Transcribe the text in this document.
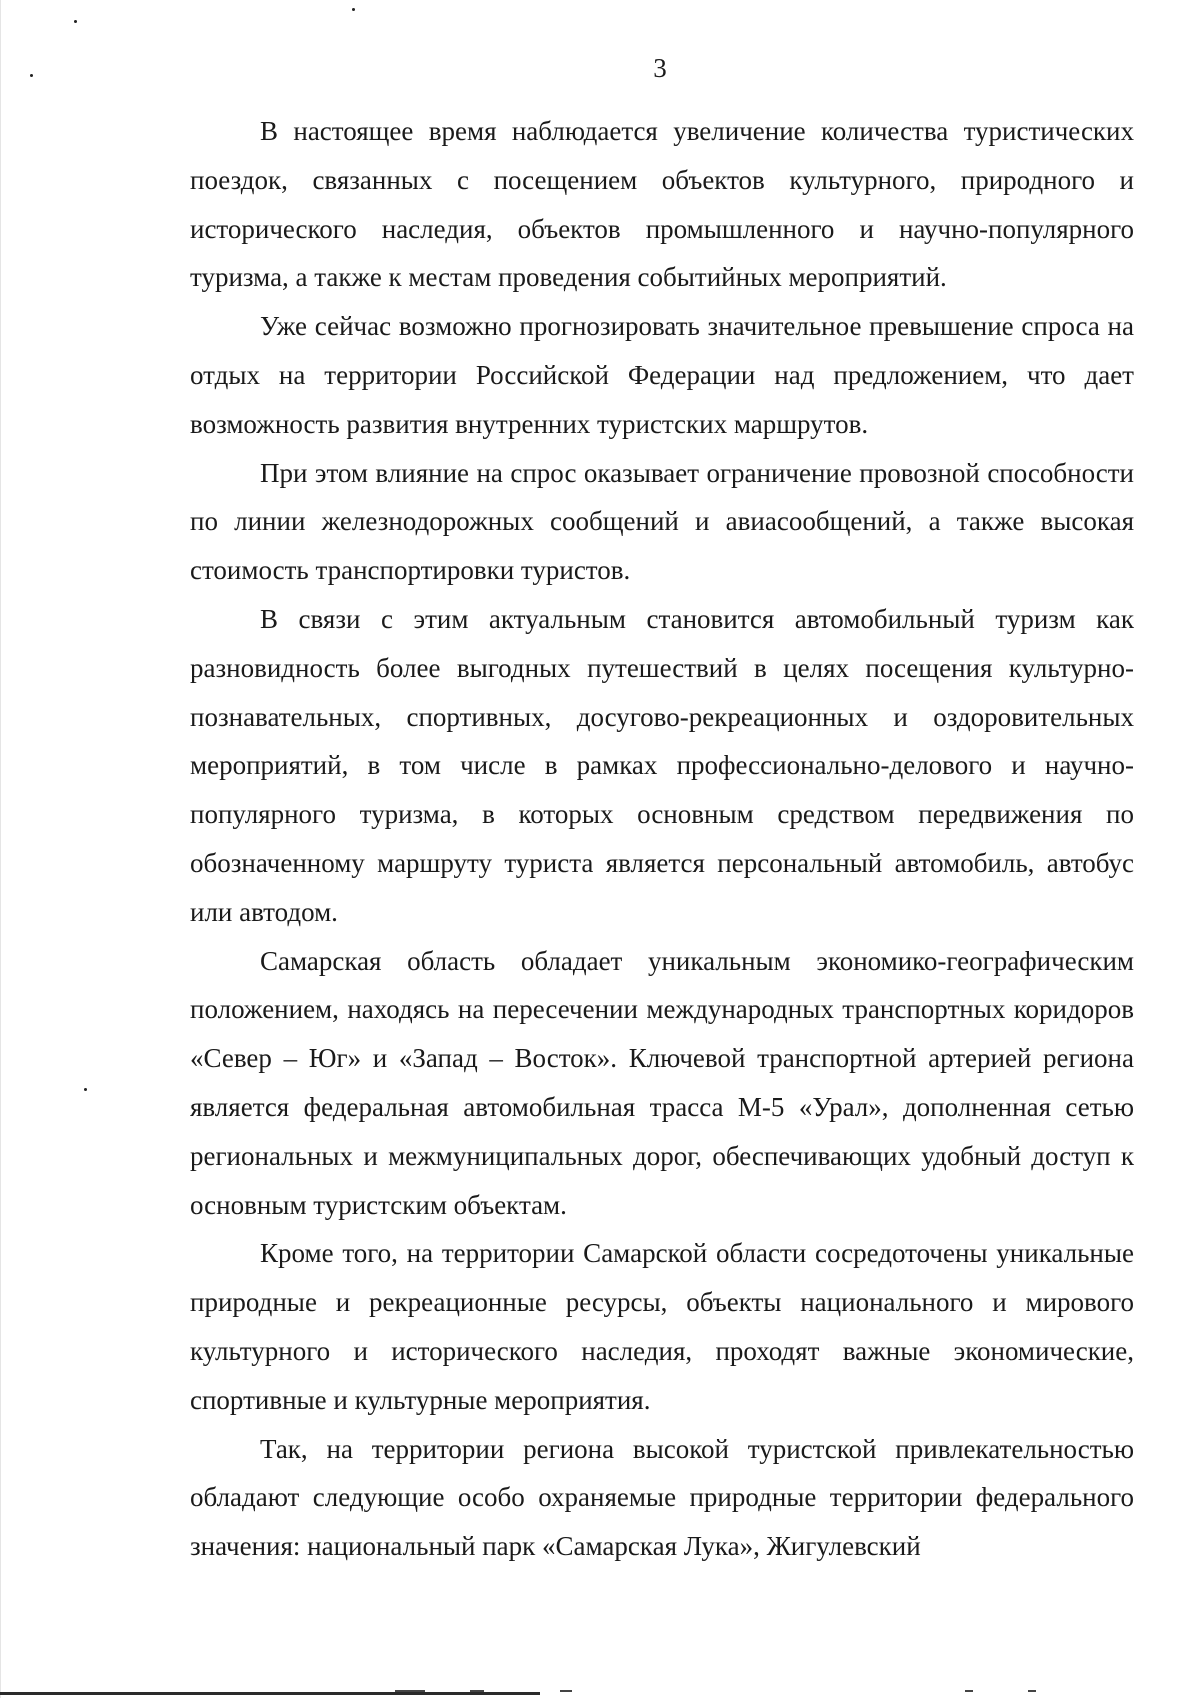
3

В настоящее время наблюдается увеличение количества туристических поездок, связанных с посещением объектов культурного, природного и исторического наследия, объектов промышленного и научно-популярного туризма, а также к местам проведения событийных мероприятий.

Уже сейчас возможно прогнозировать значительное превышение спроса на отдых на территории Российской Федерации над предложением, что дает возможность развития внутренних туристских маршрутов.

При этом влияние на спрос оказывает ограничение провозной способности по линии железнодорожных сообщений и авиасообщений, а также высокая стоимость транспортировки туристов.

В связи с этим актуальным становится автомобильный туризм как разновидность более выгодных путешествий в целях посещения культурно-познавательных, спортивных, досугово-рекреационных и оздоровительных мероприятий, в том числе в рамках профессионально-делового и научно-популярного туризма, в которых основным средством передвижения по обозначенному маршруту туриста является персональный автомобиль, автобус или автодом.

Самарская область обладает уникальным экономико-географическим положением, находясь на пересечении международных транспортных коридоров «Север – Юг» и «Запад – Восток». Ключевой транспортной артерией региона является федеральная автомобильная трасса М-5 «Урал», дополненная сетью региональных и межмуниципальных дорог, обеспечивающих удобный доступ к основным туристским объектам.

Кроме того, на территории Самарской области сосредоточены уникальные природные и рекреационные ресурсы, объекты национального и мирового культурного и исторического наследия, проходят важные экономические, спортивные и культурные мероприятия.

Так, на территории региона высокой туристской привлекательностью обладают следующие особо охраняемые природные территории федерального значения: национальный парк «Самарская Лука», Жигулевский
